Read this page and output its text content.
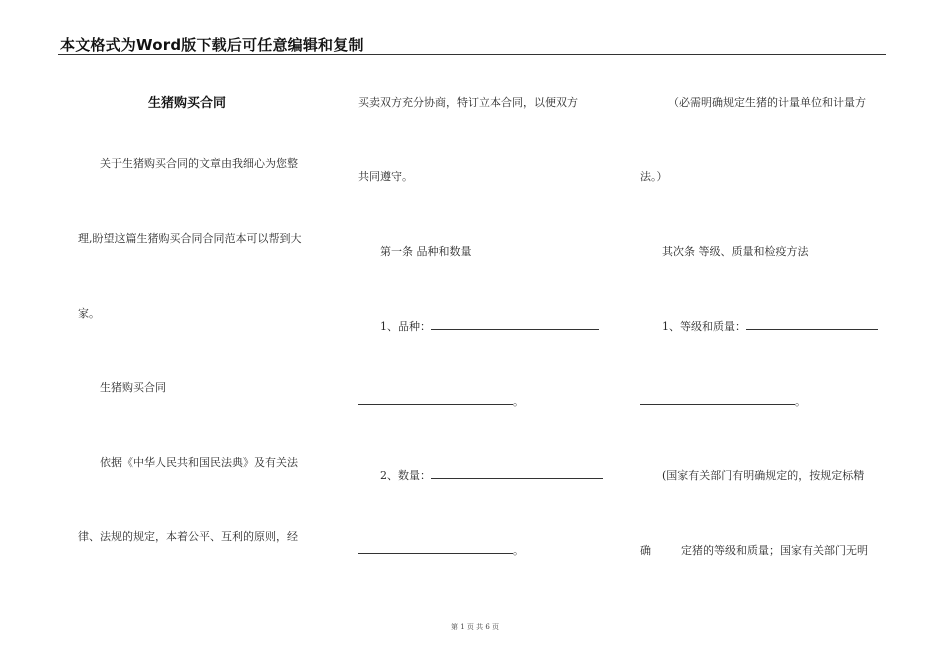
本文格式为Word版下载后可任意编辑和复制
生猪购买合同
关于生猪购买合同的文章由我细心为您整
理,盼望这篇生猪购买合同合同范本可以帮到大
家。
生猪购买合同
依据《中华人民共和国民法典》及有关法
律、法规的规定，本着公平、互利的原则，经
买卖双方充分协商，特订立本合同，以便双方
共同遵守。
第一条 品种和数量
1、品种：
。
2、数量：
。
（必需明确规定生猪的计量单位和计量方
法。）
其次条 等级、质量和检疫方法
1、等级和质量：
。
(国家有关部门有明确规定的，按规定标精
确	定猪的等级和质量；国家有关部门无明
第 1 页 共 6 页
